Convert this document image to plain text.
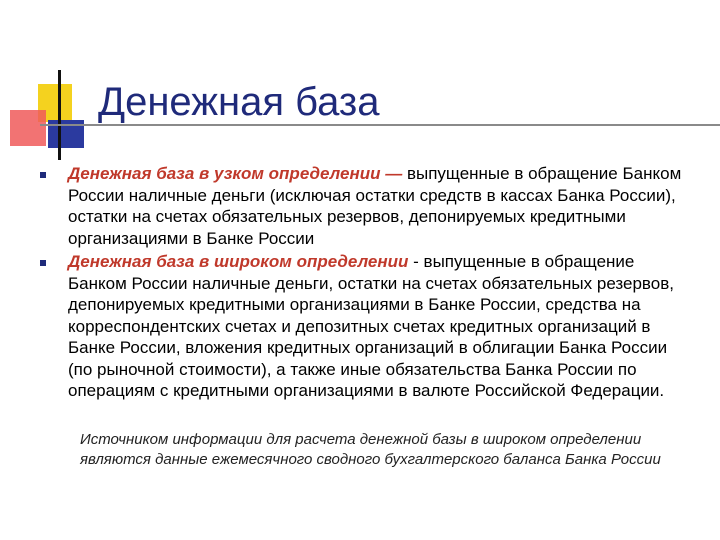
Денежная база
Денежная база в узком определении — выпущенные в обращение Банком России наличные деньги (исключая остатки средств в кассах Банка России), остатки на счетах обязательных резервов, депонируемых кредитными организациями в Банке России
Денежная база в широком определении - выпущенные в обращение Банком России наличные деньги, остатки на счетах обязательных резервов, депонируемых кредитными организациями в Банке России, средства на корреспондентских счетах и депозитных счетах кредитных организаций в Банке России, вложения кредитных организаций в облигации Банка России (по рыночной стоимости), а также иные обязательства Банка России по операциям с кредитными организациями в валюте Российской Федерации.
Источником информации для расчета денежной базы в широком определении являются данные ежемесячного сводного бухгалтерского баланса Банка России
